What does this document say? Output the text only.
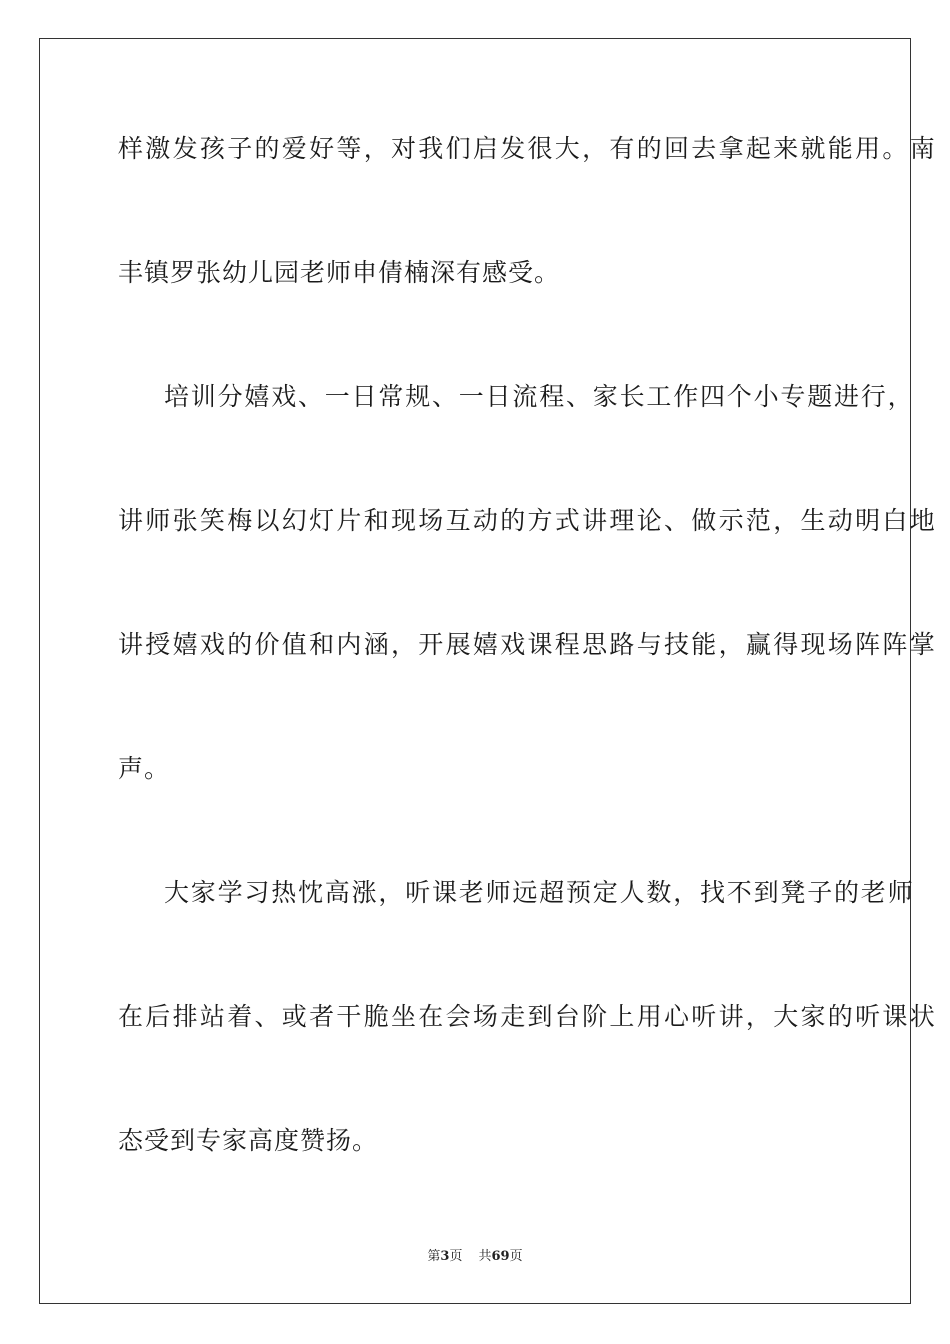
样激发孩子的爱好等，对我们启发很大，有的回去拿起来就能用。南
丰镇罗张幼儿园老师申倩楠深有感受。
培训分嬉戏、一日常规、一日流程、家长工作四个小专题进行，
讲师张笑梅以幻灯片和现场互动的方式讲理论、做示范，生动明白地
讲授嬉戏的价值和内涵，开展嬉戏课程思路与技能，赢得现场阵阵掌
声。
大家学习热忱高涨，听课老师远超预定人数，找不到凳子的老师
在后排站着、或者干脆坐在会场走到台阶上用心听讲，大家的听课状
态受到专家高度赞扬。
第3页 共69页
